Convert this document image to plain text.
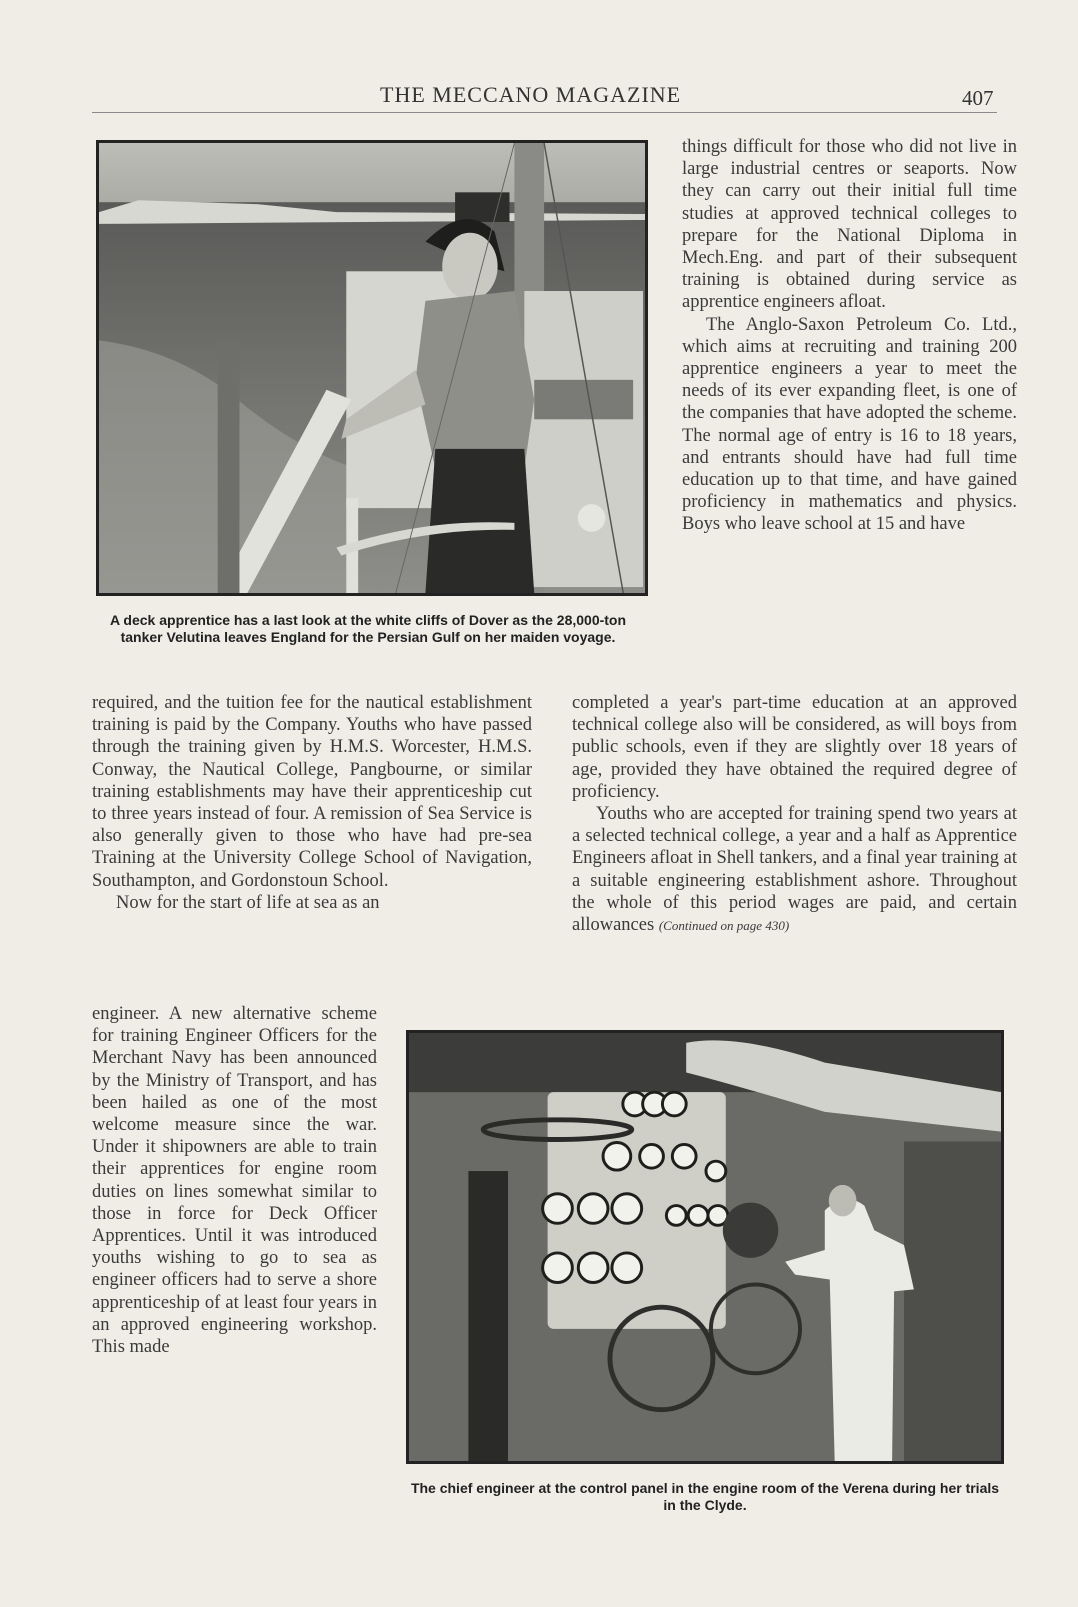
THE MECCANO MAGAZINE	407
A deck apprentice has a last look at the white cliffs of Dover as the 28,000-ton tanker Velutina leaves England for the Persian Gulf on her maiden voyage.

things difficult for those who did not live in large industrial centres or seaports. Now they can carry out their initial full time studies at approved technical colleges to prepare for the National Diploma in Mech.Eng. and part of their subsequent training is obtained during service as apprentice engineers afloat.

The Anglo-Saxon Petroleum Co. Ltd., which aims at recruiting and training 200 apprentice engineers a year to meet the needs of its ever expanding fleet, is one of the companies that have adopted the scheme. The normal age of entry is 16 to 18 years, and entrants should have had full time education up to that time, and have gained proficiency in mathematics and physics. Boys who leave school at 15 and have

completed a year's part-time education at an approved technical college also will be considered, as will boys from public schools, even if they are slightly over 18 years of age, provided they have obtained the required degree of proficiency.

Youths who are accepted for training spend two years at a selected technical college, a year and a half as Apprentice Engineers afloat in Shell tankers, and a final year training at a suitable engineering establishment ashore. Throughout the whole of this period wages are paid, and certain allowances (Continued on page 430)

required, and the tuition fee for the nautical establishment training is paid by the Company. Youths who have passed through the training given by H.M.S. Worcester, H.M.S. Conway, the Nautical College, Pangbourne, or similar training establishments may have their apprenticeship cut to three years instead of four. A remission of Sea Service is also generally given to those who have had pre-sea Training at the University College School of Navigation, Southampton, and Gordonstoun School.

Now for the start of life at sea as an

engineer. A new alternative scheme for training Engineer Officers for the Merchant Navy has been announced by the Ministry of Transport, and has been hailed as one of the most welcome measure since the war. Under it shipowners are able to train their apprentices for engine room duties on lines somewhat similar to those in force for Deck Officer Apprentices. Until it was introduced youths wishing to go to sea as engineer officers had to serve a shore apprenticeship of at least four years in an approved engineering workshop. This made

The chief engineer at the control panel in the engine room of the Verena during her trials in the Clyde.
